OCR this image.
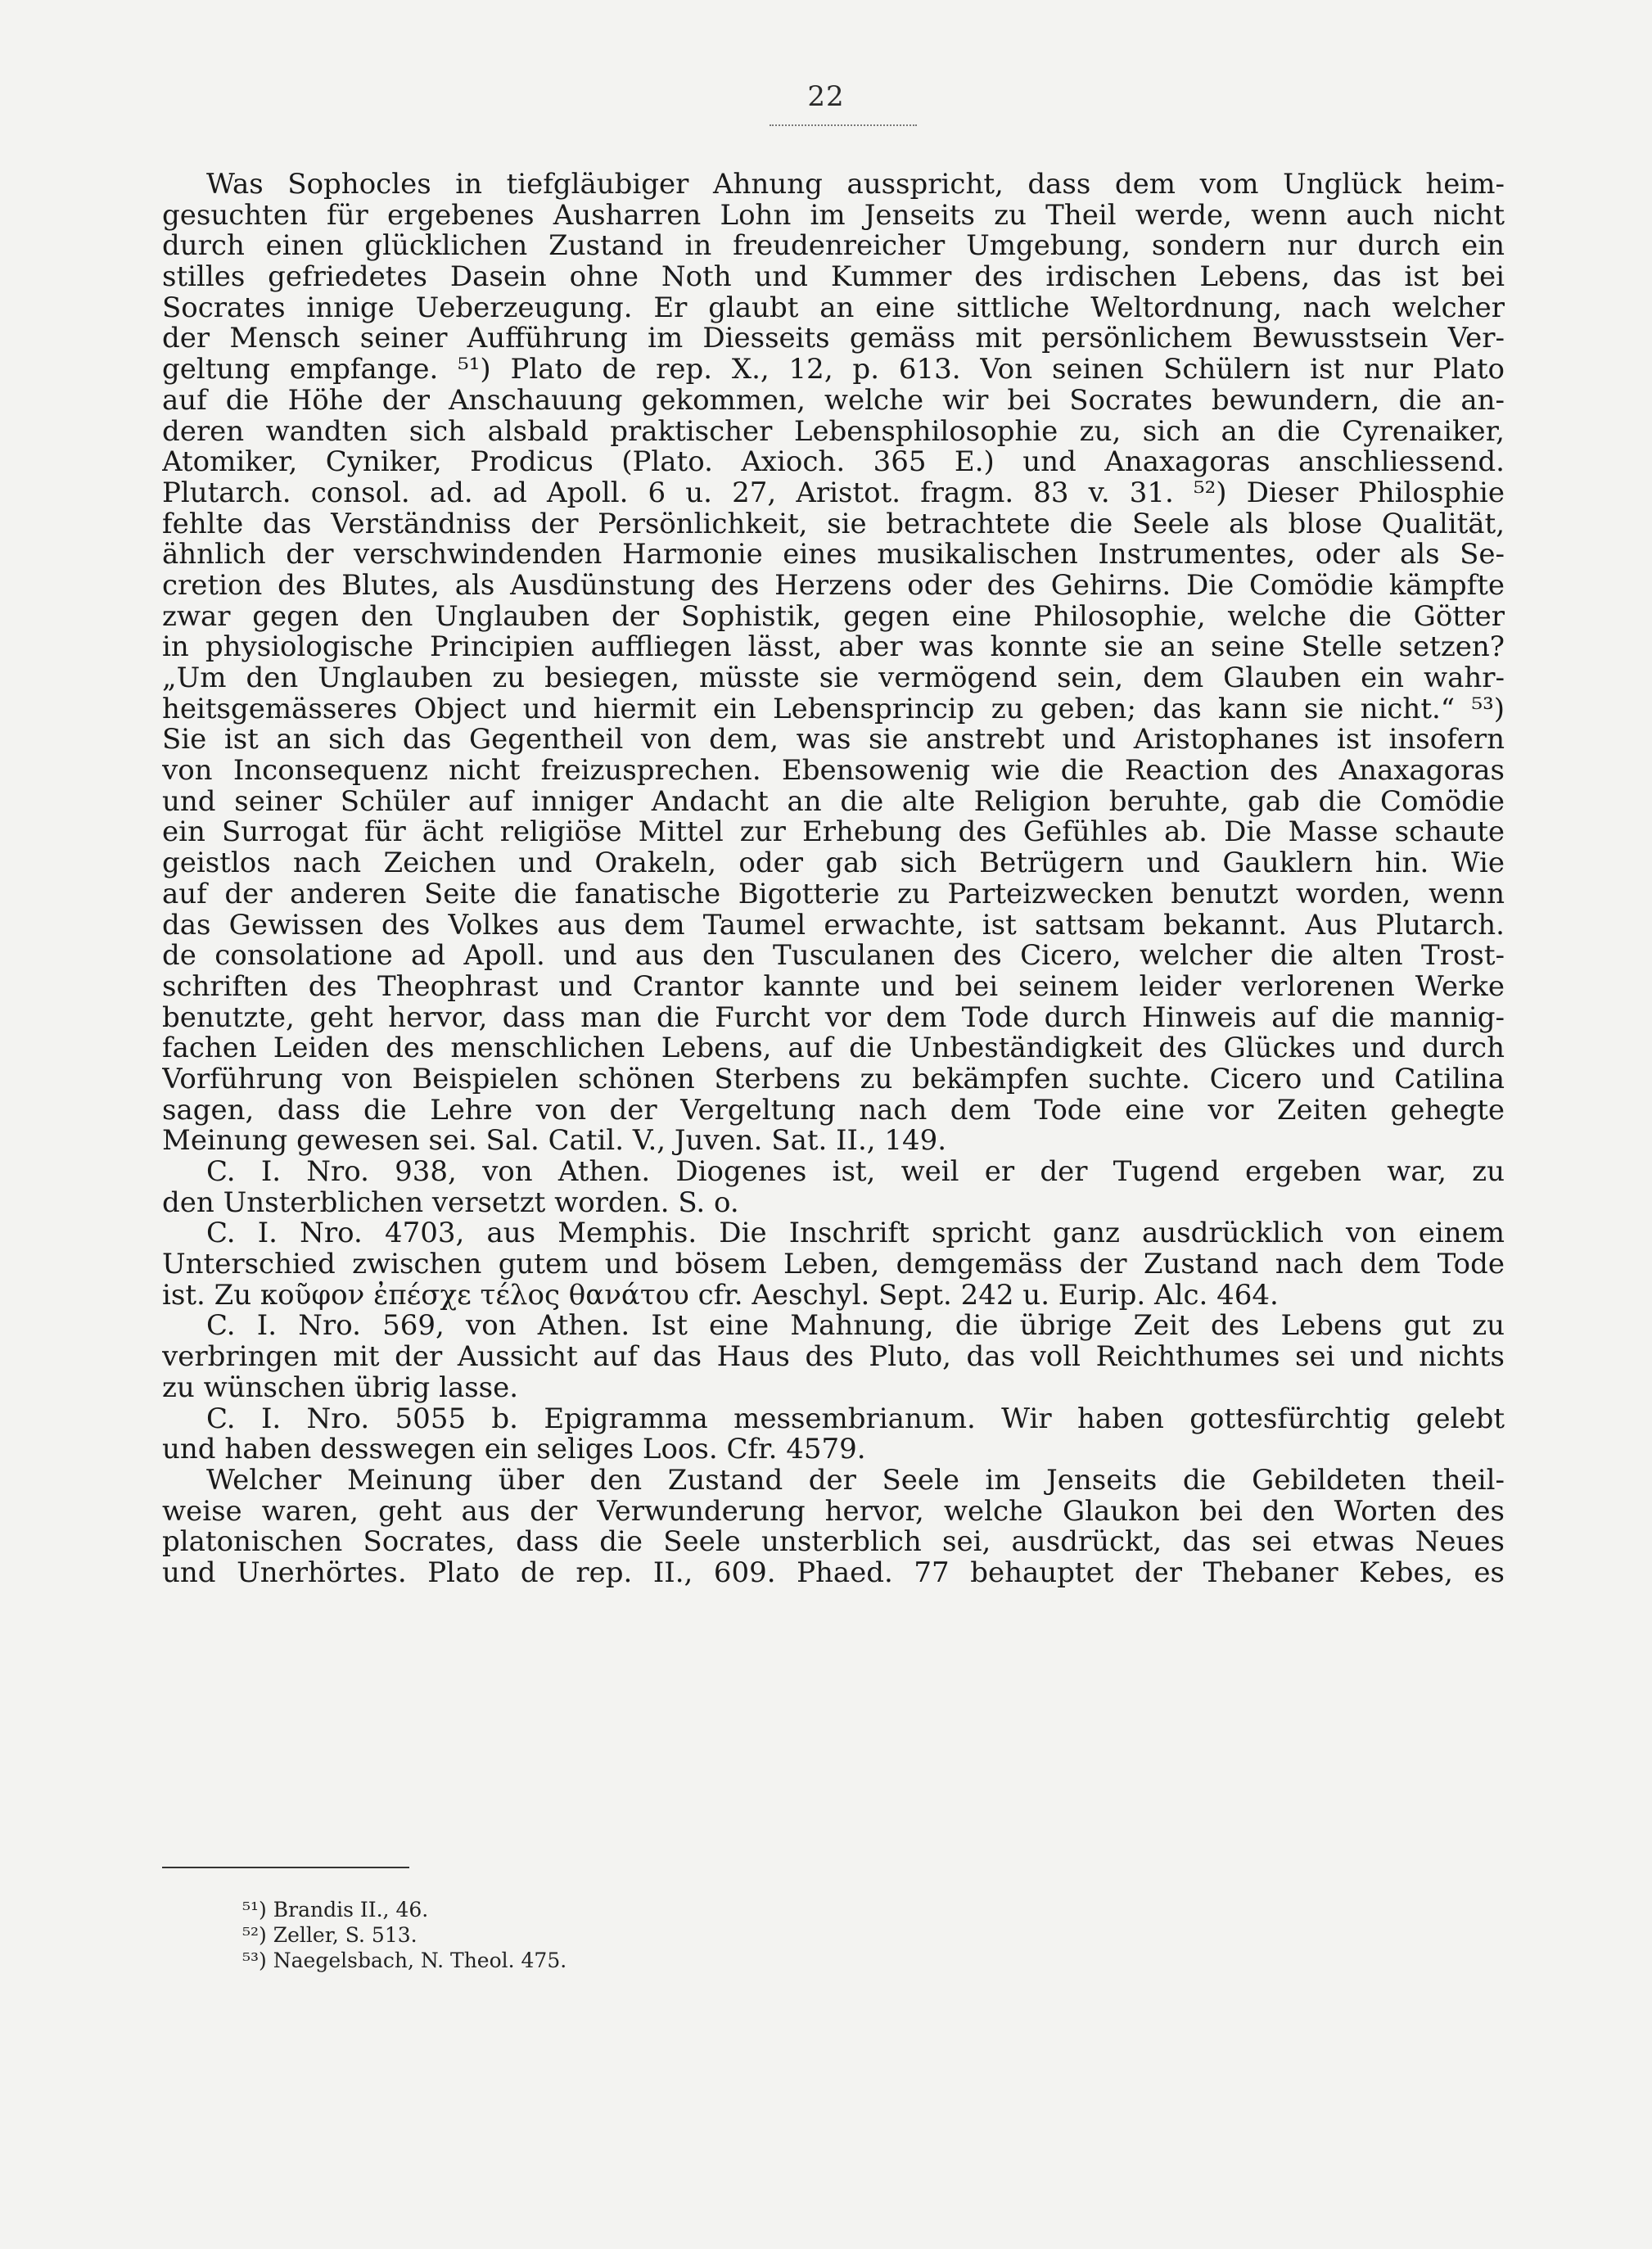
22
Was Sophocles in tiefgläubiger Ahnung ausspricht, dass dem vom Unglück heim-
gesuchten für ergebenes Ausharren Lohn im Jenseits zu Theil werde, wenn auch nicht
durch einen glücklichen Zustand in freudenreicher Umgebung, sondern nur durch ein
stilles gefriedetes Dasein ohne Noth und Kummer des irdischen Lebens, das ist bei
Socrates innige Ueberzeugung. Er glaubt an eine sittliche Weltordnung, nach welcher
der Mensch seiner Aufführung im Diesseits gemäss mit persönlichem Bewusstsein Ver-
geltung empfange. ⁵¹) Plato de rep. X., 12, p. 613. Von seinen Schülern ist nur Plato
auf die Höhe der Anschauung gekommen, welche wir bei Socrates bewundern, die an-
deren wandten sich alsbald praktischer Lebensphilosophie zu, sich an die Cyrenaiker,
Atomiker, Cyniker, Prodicus (Plato. Axioch. 365 E.) und Anaxagoras anschliessend.
Plutarch. consol. ad. ad Apoll. 6 u. 27, Aristot. fragm. 83 v. 31. ⁵²) Dieser Philosphie
fehlte das Verständniss der Persönlichkeit, sie betrachtete die Seele als blose Qualität,
ähnlich der verschwindenden Harmonie eines musikalischen Instrumentes, oder als Se-
cretion des Blutes, als Ausdünstung des Herzens oder des Gehirns. Die Comödie kämpfte
zwar gegen den Unglauben der Sophistik, gegen eine Philosophie, welche die Götter
in physiologische Principien auffliegen lässt, aber was konnte sie an seine Stelle setzen?
„Um den Unglauben zu besiegen, müsste sie vermögend sein, dem Glauben ein wahr-
heitsgemässeres Object und hiermit ein Lebensprincip zu geben; das kann sie nicht.“ ⁵³)
Sie ist an sich das Gegentheil von dem, was sie anstrebt und Aristophanes ist insofern
von Inconsequenz nicht freizusprechen. Ebensowenig wie die Reaction des Anaxagoras
und seiner Schüler auf inniger Andacht an die alte Religion beruhte, gab die Comödie
ein Surrogat für ächt religiöse Mittel zur Erhebung des Gefühles ab. Die Masse schaute
geistlos nach Zeichen und Orakeln, oder gab sich Betrügern und Gauklern hin. Wie
auf der anderen Seite die fanatische Bigotterie zu Parteizwecken benutzt worden, wenn
das Gewissen des Volkes aus dem Taumel erwachte, ist sattsam bekannt. Aus Plutarch.
de consolatione ad Apoll. und aus den Tusculanen des Cicero, welcher die alten Trost-
schriften des Theophrast und Crantor kannte und bei seinem leider verlorenen Werke
benutzte, geht hervor, dass man die Furcht vor dem Tode durch Hinweis auf die mannig-
fachen Leiden des menschlichen Lebens, auf die Unbeständigkeit des Glückes und durch
Vorführung von Beispielen schönen Sterbens zu bekämpfen suchte. Cicero und Catilina
sagen, dass die Lehre von der Vergeltung nach dem Tode eine vor Zeiten gehegte
Meinung gewesen sei. Sal. Catil. V., Juven. Sat. II., 149.
C. I. Nro. 938, von Athen. Diogenes ist, weil er der Tugend ergeben war, zu
den Unsterblichen versetzt worden. S. o.
C. I. Nro. 4703, aus Memphis. Die Inschrift spricht ganz ausdrücklich von einem
Unterschied zwischen gutem und bösem Leben, demgemäss der Zustand nach dem Tode
ist. Zu κοῦφον ἐπέσχε τέλος θανάτου cfr. Aeschyl. Sept. 242 u. Eurip. Alc. 464.
C. I. Nro. 569, von Athen. Ist eine Mahnung, die übrige Zeit des Lebens gut zu
verbringen mit der Aussicht auf das Haus des Pluto, das voll Reichthumes sei und nichts
zu wünschen übrig lasse.
C. I. Nro. 5055 b. Epigramma messembrianum. Wir haben gottesfürchtig gelebt
und haben desswegen ein seliges Loos. Cfr. 4579.
Welcher Meinung über den Zustand der Seele im Jenseits die Gebildeten theil-
weise waren, geht aus der Verwunderung hervor, welche Glaukon bei den Worten des
platonischen Socrates, dass die Seele unsterblich sei, ausdrückt, das sei etwas Neues
und Unerhörtes. Plato de rep. II., 609. Phaed. 77 behauptet der Thebaner Kebes, es
⁵¹) Brandis II., 46.
⁵²) Zeller, S. 513.
⁵³) Naegelsbach, N. Theol. 475.
